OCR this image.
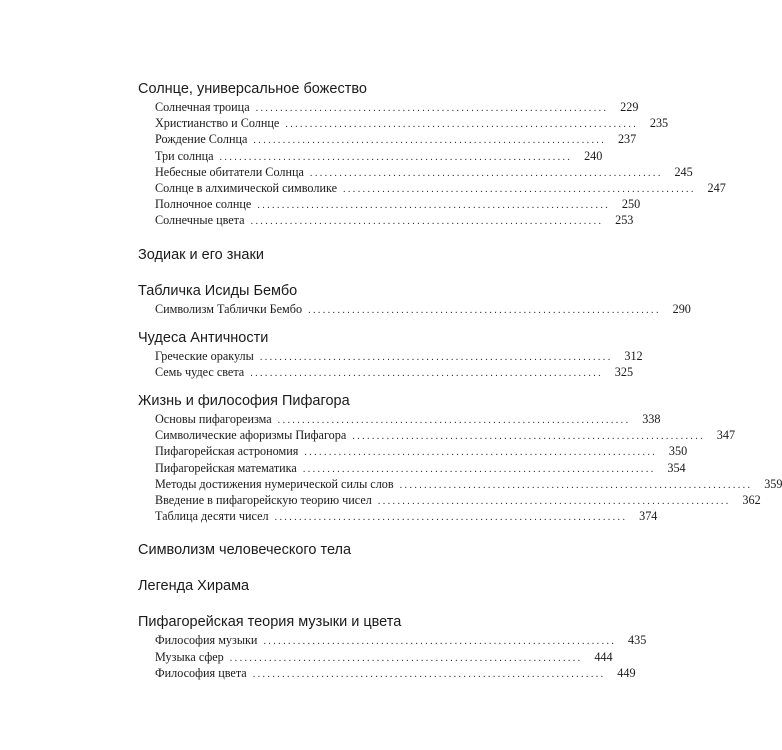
Солнце, универсальное божество
Солнечная троица ........................................................................ 229
Христианство и Солнце ........................................................................ 235
Рождение Солнца ........................................................................ 237
Три солнца ........................................................................ 240
Небесные обитатели Солнца ........................................................................ 245
Солнце в алхимической символике ........................................................................ 247
Полночное солнце ........................................................................ 250
Солнечные цвета ........................................................................ 253
Зодиак и его знаки
Табличка Исиды Бембо
Символизм Таблички Бембо ........................................................................ 290
Чудеса Античности
Греческие оракулы ........................................................................ 312
Семь чудес света ........................................................................ 325
Жизнь и философия Пифагора
Основы пифагореизма ........................................................................ 338
Символические афоризмы Пифагора ........................................................................ 347
Пифагорейская астрономия ........................................................................ 350
Пифагорейская математика ........................................................................ 354
Методы достижения нумерической силы слов ........................................................................ 359
Введение в пифагорейскую теорию чисел ........................................................................ 362
Таблица десяти чисел ........................................................................ 374
Символизм человеческого тела
Легенда Хирама
Пифагорейская теория музыки и цвета
Философия музыки ........................................................................ 435
Музыка сфер ........................................................................ 444
Философия цвета ........................................................................ 449
